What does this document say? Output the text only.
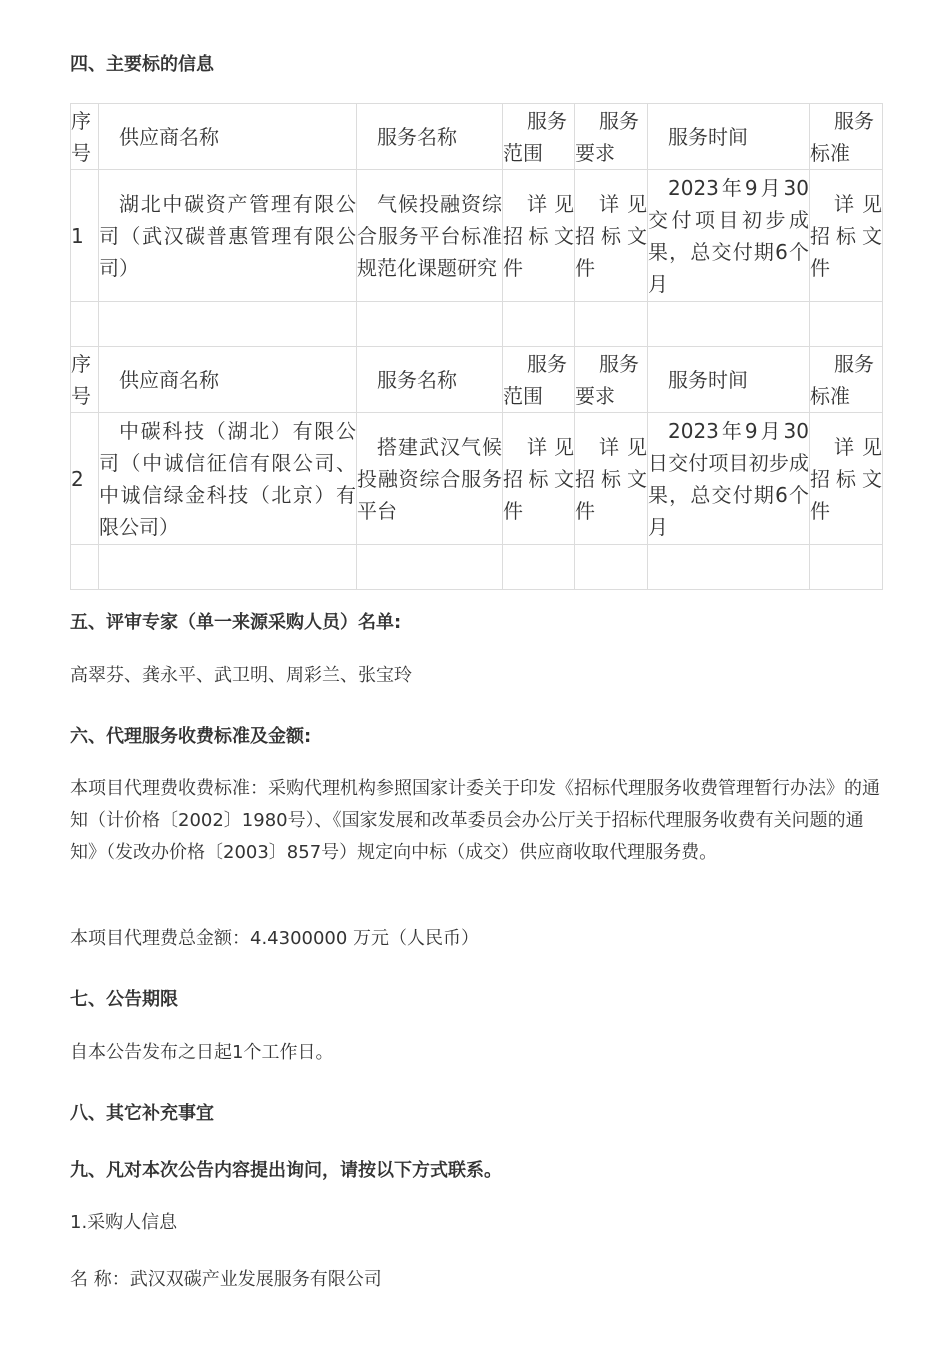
四、主要标的信息
序号	供应商名称	服务名称	服务范围	服务要求	服务时间	服务标准
1	湖北中碳资产管理有限公司（武汉碳普惠管理有限公司）	气候投融资综合服务平台标准规范化课题研究	详见招标文件	详见招标文件	2023年9月30交付项目初步成果，总交付期6个月	详见招标文件

序号	供应商名称	服务名称	服务范围	服务要求	服务时间	服务标准
2	中碳科技（湖北）有限公司（中诚信征信有限公司、中诚信绿金科技（北京）有限公司）	搭建武汉气候投融资综合服务平台	详见招标文件	详见招标文件	2023年9月30日交付项目初步成果，总交付期6个月	详见招标文件

五、评审专家（单一来源采购人员）名单:
高翠芬、龚永平、武卫明、周彩兰、张宝玲
六、代理服务收费标准及金额:
本项目代理费收费标准：采购代理机构参照国家计委关于印发《招标代理服务收费管理暂行办法》的通知（计价格〔2002〕1980号）、《国家发展和改革委员会办公厅关于招标代理服务收费有关问题的通知》（发改办价格〔2003〕857号）规定向中标（成交）供应商收取代理服务费。
本项目代理费总金额：4.4300000 万元（人民币）
七、公告期限
自本公告发布之日起1个工作日。
八、其它补充事宜
九、凡对本次公告内容提出询问，请按以下方式联系。
1.采购人信息
名 称：武汉双碳产业发展服务有限公司
